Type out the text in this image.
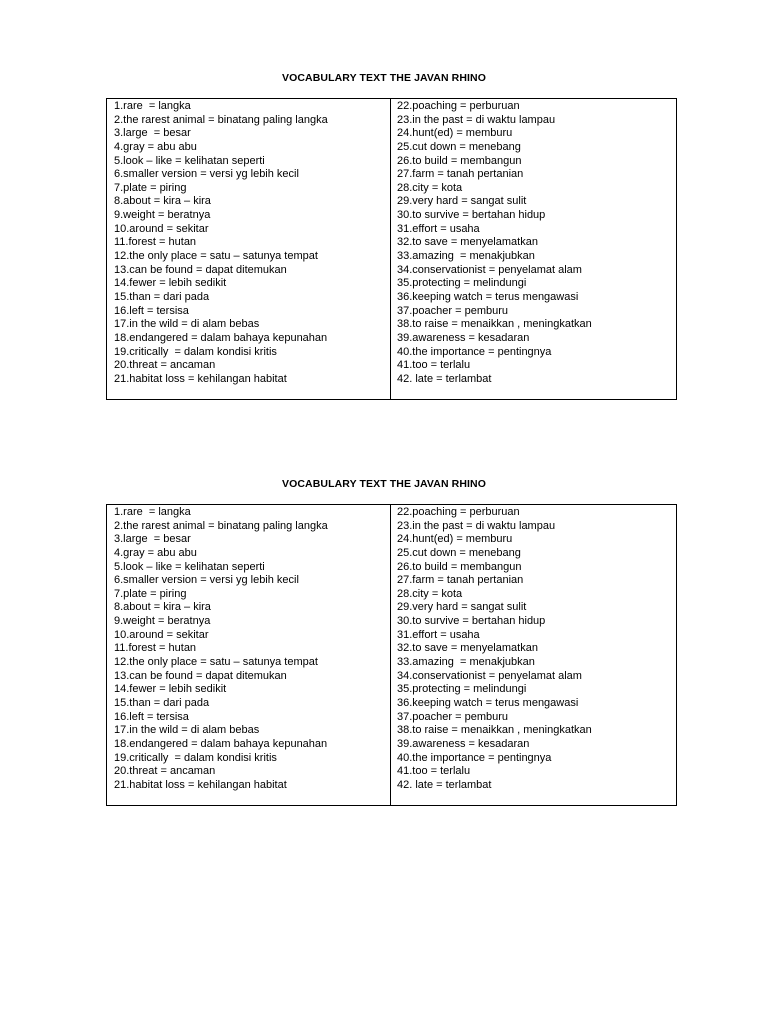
VOCABULARY TEXT THE JAVAN RHINO
1.rare  = langka
2.the rarest animal = binatang paling langka
3.large  = besar
4.gray = abu abu
5.look – like = kelihatan seperti
6.smaller version = versi yg lebih kecil
7.plate = piring
8.about = kira – kira
9.weight = beratnya
10.around = sekitar
11.forest = hutan
12.the only place = satu – satunya tempat
13.can be found = dapat ditemukan
14.fewer = lebih sedikit
15.than = dari pada
16.left = tersisa
17.in the wild = di alam bebas
18.endangered = dalam bahaya kepunahan
19.critically  = dalam kondisi kritis
20.threat = ancaman
21.habitat loss = kehilangan habitat
22.poaching = perburuan
23.in the past = di waktu lampau
24.hunt(ed) = memburu
25.cut down = menebang
26.to build = membangun
27.farm = tanah pertanian
28.city = kota
29.very hard = sangat sulit
30.to survive = bertahan hidup
31.effort = usaha
32.to save = menyelamatkan
33.amazing  = menakjubkan
34.conservationist = penyelamat alam
35.protecting = melindungi
36.keeping watch = terus mengawasi
37.poacher = pemburu
38.to raise = menaikkan , meningkatkan
39.awareness = kesadaran
40.the importance = pentingnya
41.too = terlalu
42. late = terlambat
VOCABULARY TEXT THE JAVAN RHINO
1.rare  = langka
2.the rarest animal = binatang paling langka
3.large  = besar
4.gray = abu abu
5.look – like = kelihatan seperti
6.smaller version = versi yg lebih kecil
7.plate = piring
8.about = kira – kira
9.weight = beratnya
10.around = sekitar
11.forest = hutan
12.the only place = satu – satunya tempat
13.can be found = dapat ditemukan
14.fewer = lebih sedikit
15.than = dari pada
16.left = tersisa
17.in the wild = di alam bebas
18.endangered = dalam bahaya kepunahan
19.critically  = dalam kondisi kritis
20.threat = ancaman
21.habitat loss = kehilangan habitat
22.poaching = perburuan
23.in the past = di waktu lampau
24.hunt(ed) = memburu
25.cut down = menebang
26.to build = membangun
27.farm = tanah pertanian
28.city = kota
29.very hard = sangat sulit
30.to survive = bertahan hidup
31.effort = usaha
32.to save = menyelamatkan
33.amazing  = menakjubkan
34.conservationist = penyelamat alam
35.protecting = melindungi
36.keeping watch = terus mengawasi
37.poacher = pemburu
38.to raise = menaikkan , meningkatkan
39.awareness = kesadaran
40.the importance = pentingnya
41.too = terlalu
42. late = terlambat
